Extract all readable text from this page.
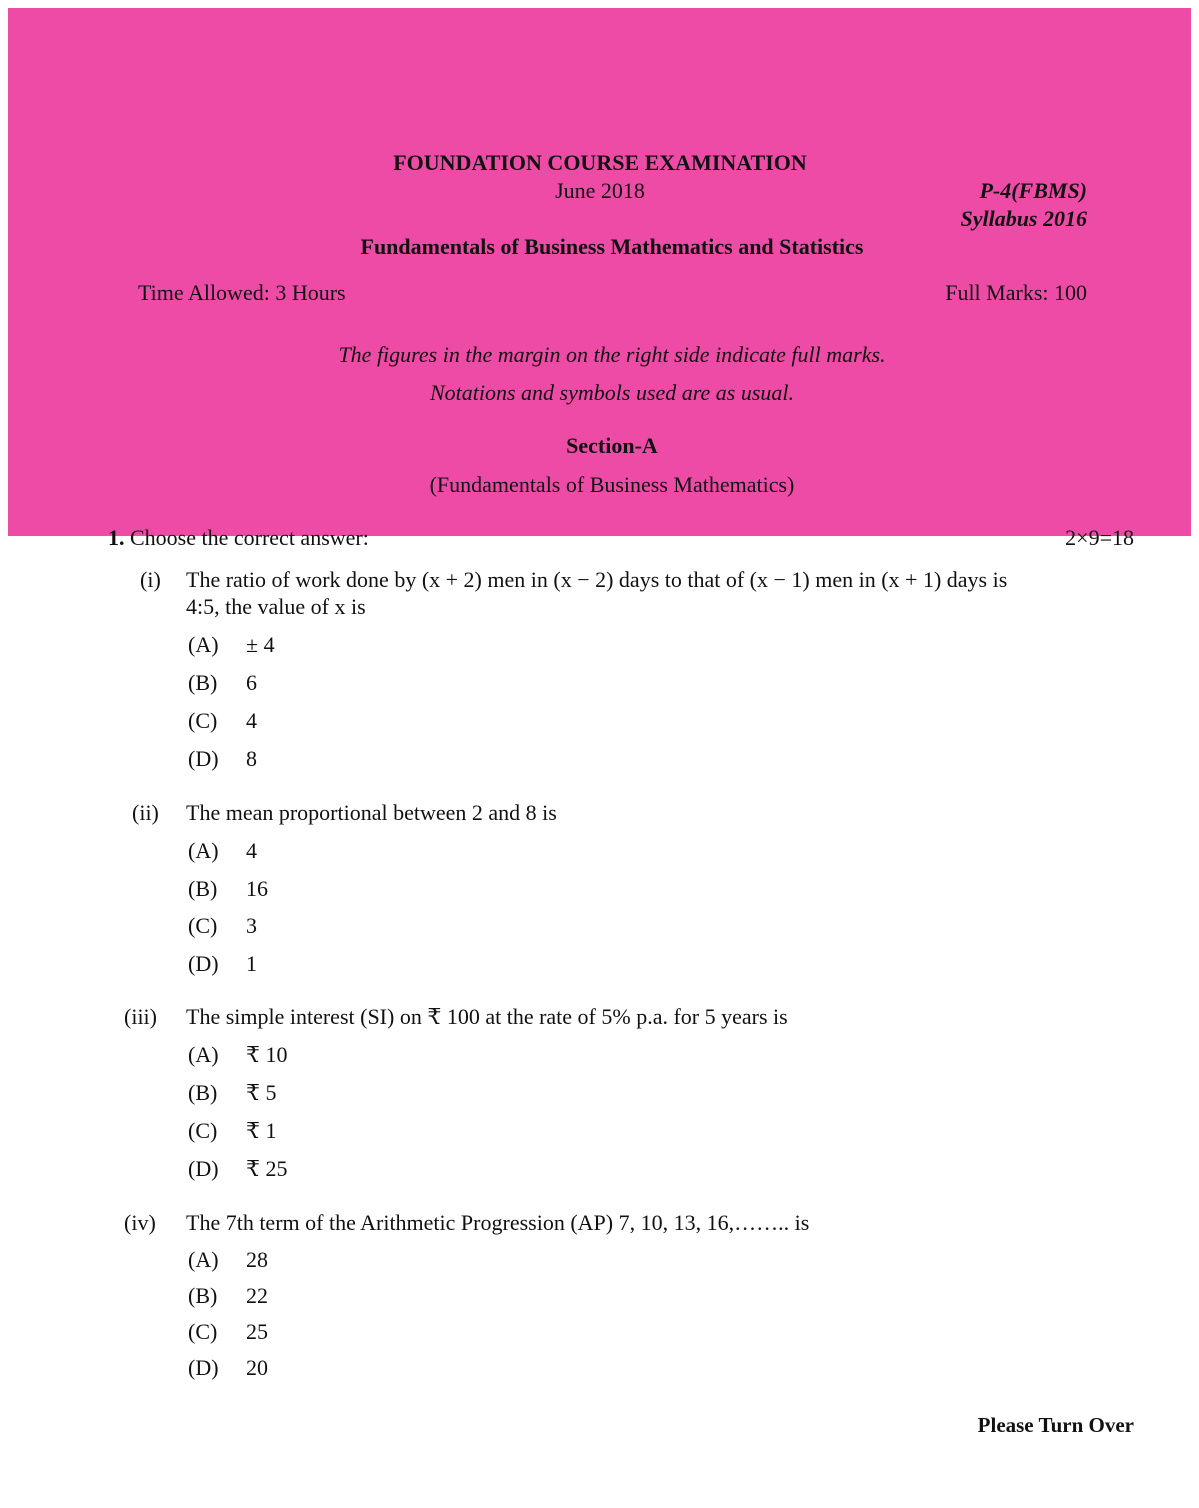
FOUNDATION COURSE EXAMINATION
June 2018	P-4(FBMS)
Syllabus 2016
Fundamentals of Business Mathematics and Statistics
Time Allowed: 3 Hours	Full Marks: 100
The figures in the margin on the right side indicate full marks.
Notations and symbols used are as usual.
Section-A
(Fundamentals of Business Mathematics)
1. Choose the correct answer:	2×9=18
(i) The ratio of work done by (x + 2) men in (x − 2) days to that of (x − 1) men in (x + 1) days is
4:5, the value of x is
(A) ± 4
(B) 6
(C) 4
(D) 8
(ii) The mean proportional between 2 and 8 is
(A) 4
(B) 16
(C) 3
(D) 1
(iii) The simple interest (SI) on ₹ 100 at the rate of 5% p.a. for 5 years is
(A) ₹ 10
(B) ₹ 5
(C) ₹ 1
(D) ₹ 25
(iv) The 7th term of the Arithmetic Progression (AP) 7, 10, 13, 16,…….. is
(A) 28
(B) 22
(C) 25
(D) 20
Please Turn Over
